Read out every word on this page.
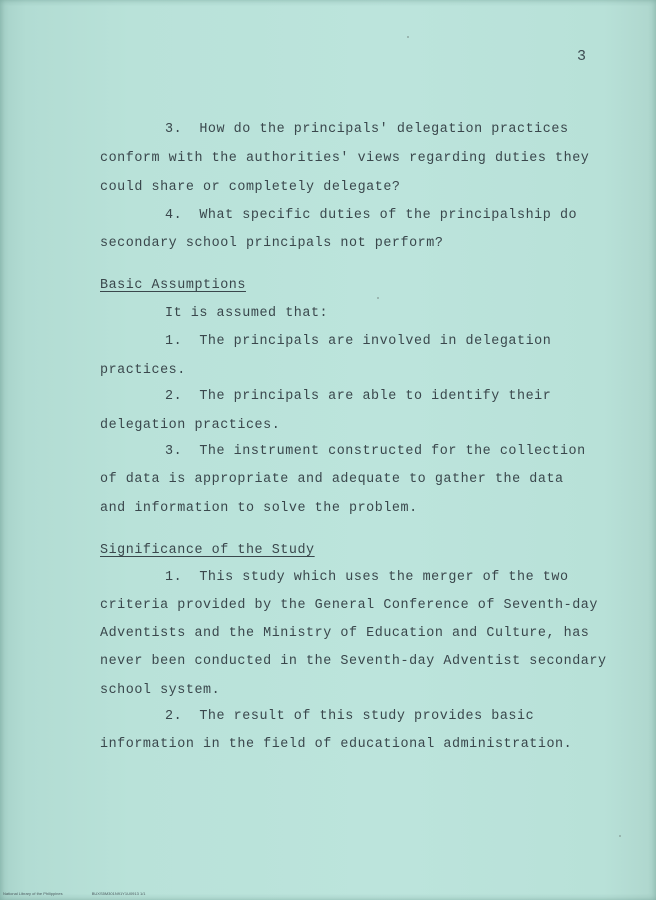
3
3.  How do the principals' delegation practices
conform with the authorities' views regarding duties they
could share or completely delegate?
4.  What specific duties of the principalship do
secondary school principals not perform?
Basic Assumptions
It is assumed that:
1.  The principals are involved in delegation
practices.
2.  The principals are able to identify their
delegation practices.
3.  The instrument constructed for the collection
of data is appropriate and adequate to gather the data
and information to solve the problem.
Significance of the Study
1.  This study which uses the merger of the two
criteria provided by the General Conference of Seventh-day
Adventists and the Ministry of Education and Culture, has
never been conducted in the Seventh-day Adventist secondary
school system.
2.  The result of this study provides basic
information in the field of educational administration.
National Library of the Philippines	BUXS5M301N91Y1U0913 1/1
